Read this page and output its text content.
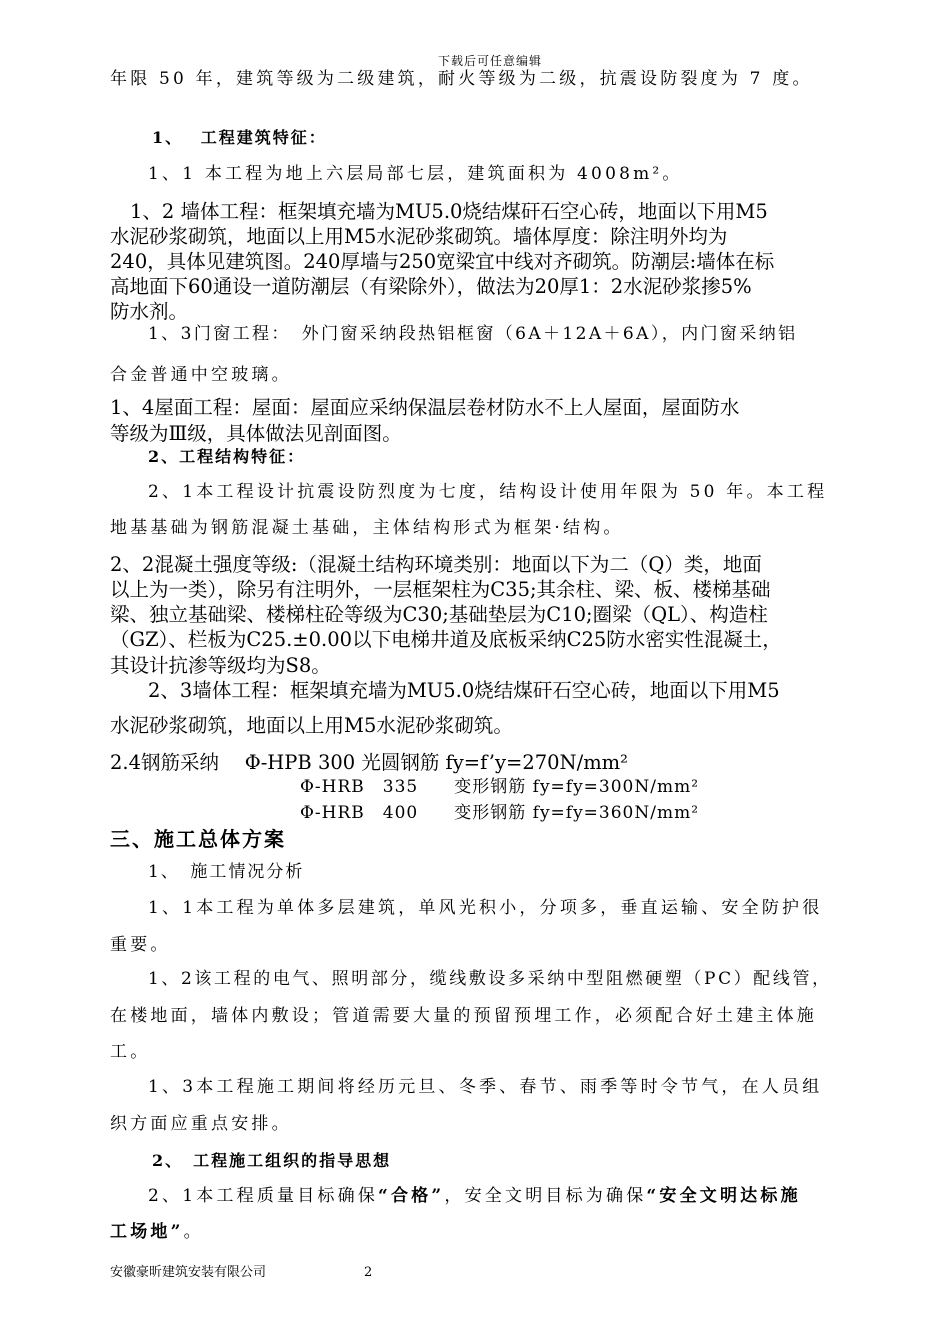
下载后可任意编辑
年限 50 年，建筑等级为二级建筑，耐火等级为二级，抗震设防裂度为 7 度。
1、　 工程建筑特征：
1、1 本工程为地上六层局部七层，建筑面积为 4008m²。
1、2 墙体工程：框架填充墙为MU5.0烧结煤矸石空心砖，地面以下用M5
水泥砂浆砌筑，地面以上用M5水泥砂浆砌筑。墙体厚度：除注明外均为
240，具体见建筑图。240厚墙与250宽梁宜中线对齐砌筑。防潮层:墙体在标
高地面下60通设一道防潮层（有梁除外），做法为20厚1：2水泥砂浆掺5%
防水剂。
1、3门窗工程：　外门窗采纳段热铝框窗（6A＋12A＋6A），内门窗采纳铝
合金普通中空玻璃。
1、4屋面工程：屋面：屋面应采纳保温层卷材防水不上人屋面，屋面防水
等级为Ⅲ级，具体做法见剖面图。
2、工程结构特征：
2、1本工程设计抗震设防烈度为七度，结构设计使用年限为 50 年。本工程
地基基础为钢筋混凝土基础，主体结构形式为框架·结构。
2、2混凝土强度等级:（混凝土结构环境类别：地面以下为二（Q）类，地面
以上为一类），除另有注明外，一层框架柱为C35;其余柱、梁、板、楼梯基础
梁、独立基础梁、楼梯柱砼等级为C30;基础垫层为C10;圈梁（QL）、构造柱
（GZ）、栏板为C25.±0.00以下电梯井道及底板采纳C25防水密实性混凝土，
其设计抗渗等级均为S8。
2、3墙体工程：框架填充墙为MU5.0烧结煤矸石空心砖，地面以下用M5
水泥砂浆砌筑，地面以上用M5水泥砂浆砌筑。
2.4钢筋采纳　 Φ-HPB 300 光圆钢筋 fy=f’y=270N/mm²
Φ-HRB　335　　变形钢筋 fy=fy=300N/mm²
Φ-HRB　400　　变形钢筋 fy=fy=360N/mm²
三、施工总体方案
1、　施工情况分析
1、1本工程为单体多层建筑，单风光积小，分项多，垂直运输、安全防护很
重要。
1、2该工程的电气、照明部分，缆线敷设多采纳中型阻燃硬塑（PC）配线管，
在楼地面，墙体内敷设；管道需要大量的预留预埋工作，必须配合好土建主体施
工。
1、3本工程施工期间将经历元旦、冬季、春节、雨季等时令节气，在人员组
织方面应重点安排。
2、　工程施工组织的指导思想
2、1本工程质量目标确保“合格”，安全文明目标为确保“安全文明达标施
工场地”。
安徽豪昕建筑安装有限公司	2
